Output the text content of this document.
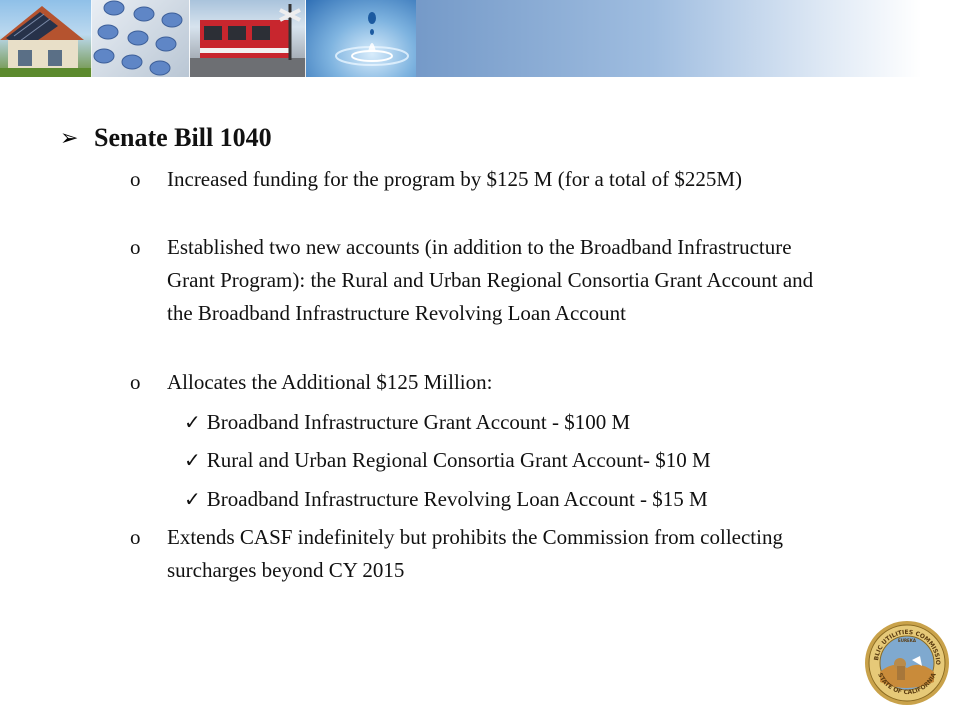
➢ Senate Bill 1040
o	Increased funding for the program by $125 M (for a total of $225M)
o	Established two new accounts (in addition to the Broadband Infrastructure Grant Program): the Rural and Urban Regional Consortia Grant Account and the Broadband Infrastructure Revolving Loan Account
o	Allocates the Additional $125 Million:
✓ Broadband Infrastructure Grant Account - $100 M
✓ Rural and Urban Regional Consortia Grant Account- $10 M
✓ Broadband Infrastructure Revolving Loan Account - $15 M
o	Extends CASF indefinitely but prohibits the Commission from collecting surcharges beyond CY 2015
BLIC UTILITIES COMMISSIO
STATE OF CALIFORNIA
EUREKA
